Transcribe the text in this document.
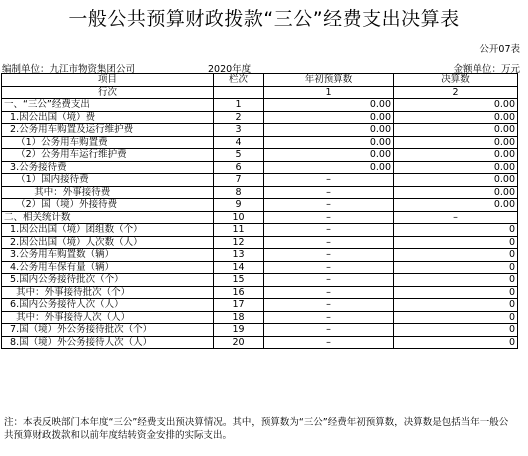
一般公共预算财政拨款“三公”经费支出决算表
公开07表
编制单位：九江市物资集团公司	2020年度	金额单位：万元
项目	栏次	年初预算数	决算数
行次		1	2
一、“三公”经费支出	1	0.00	0.00
1.因公出国（境）费	2	0.00	0.00
2.公务用车购置及运行维护费	3	0.00	0.00
（1）公务用车购置费	4	0.00	0.00
（2）公务用车运行维护费	5	0.00	0.00
3.公务接待费	6	0.00	0.00
（1）国内接待费	7	–	0.00
其中：外事接待费	8	–	0.00
（2）国（境）外接待费	9	–	0.00
二、相关统计数	10	–	–
1.因公出国（境）团组数（个）	11	–	0
2.因公出国（境）人次数（人）	12	–	0
3.公务用车购置数（辆）	13	–	0
4.公务用车保有量（辆）	14	–	0
5.国内公务接待批次（个）	15	–	0
其中：外事接待批次（个）	16	–	0
6.国内公务接待人次（人）	17	–	0
其中：外事接待人次（人）	18	–	0
7.国（境）外公务接待批次（个）	19	–	0
8.国（境）外公务接待人次（人）	20	–	0
注：本表反映部门本年度“三公”经费支出预决算情况。其中，预算数为“三公”经费年初预算数，决算数是包括当年一般公共预算财政拨款和以前年度结转资金安排的实际支出。
